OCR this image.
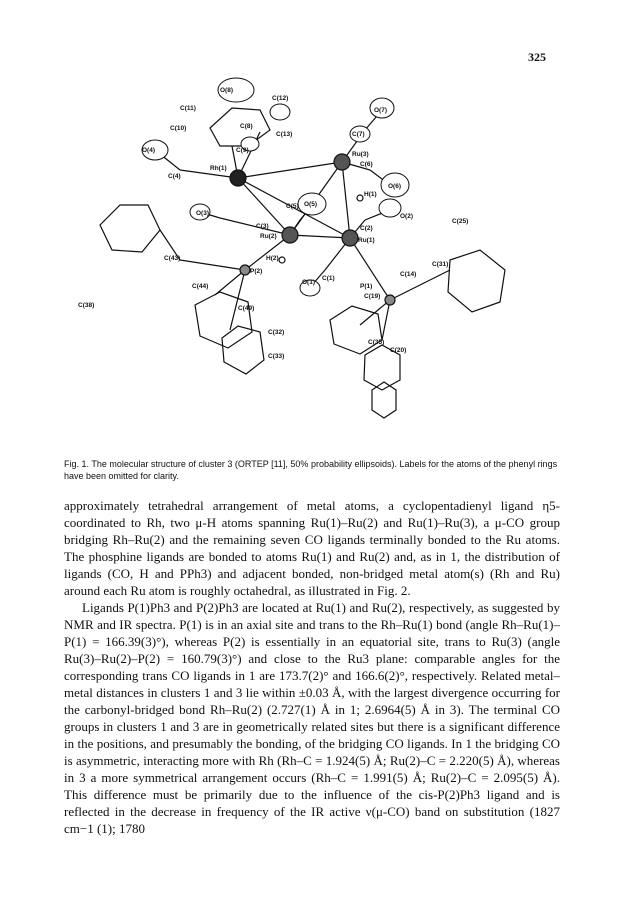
325
O(8)
C(12)
C(11)
C(8)
C(13)
C(10)
O(7)
C(7)
O(4)	C(9)
Ru(3)
Rh(1)
C(6)
C(4)
O(6)
H(1)
O(5)
C(3)
O(2)
C(25)
C(5)
O(3)
C(2)
Ru(2)
Ru(1)
C(43)	H(2)
C(31)
P(2)
O(1)
C(1)
C(14)
C(44)	P(1)
C(19)
C(38)	C(49)
C(32)
C(35)
C(20)
C(33)
Fig. 1. The molecular structure of cluster 3 (ORTEP [11], 50% probability ellipsoids). Labels for the atoms of the phenyl rings have been omitted for clarity.

approximately tetrahedral arrangement of metal atoms, a cyclopentadienyl ligand η5-coordinated to Rh, two μ-H atoms spanning Ru(1)–Ru(2) and Ru(1)–Ru(3), a μ-CO group bridging Rh–Ru(2) and the remaining seven CO ligands terminally bonded to the Ru atoms. The phosphine ligands are bonded to atoms Ru(1) and Ru(2) and, as in 1, the distribution of ligands (CO, H and PPh3) and adjacent bonded, non-bridged metal atom(s) (Rh and Ru) around each Ru atom is roughly octahedral, as illustrated in Fig. 2.

Ligands P(1)Ph3 and P(2)Ph3 are located at Ru(1) and Ru(2), respectively, as suggested by NMR and IR spectra. P(1) is in an axial site and trans to the Rh–Ru(1) bond (angle Rh–Ru(1)–P(1) = 166.39(3)°), whereas P(2) is essentially in an equatorial site, trans to Ru(3) (angle Ru(3)–Ru(2)–P(2) = 160.79(3)°) and close to the Ru3 plane: comparable angles for the corresponding trans CO ligands in 1 are 173.7(2)° and 166.6(2)°, respectively. Related metal–metal distances in clusters 1 and 3 lie within ±0.03 Å, with the largest divergence occurring for the carbonyl-bridged bond Rh–Ru(2) (2.727(1) Å in 1; 2.6964(5) Å in 3). The terminal CO groups in clusters 1 and 3 are in geometrically related sites but there is a significant difference in the positions, and presumably the bonding, of the bridging CO ligands. In 1 the bridging CO is asymmetric, interacting more with Rh (Rh–C = 1.924(5) Å; Ru(2)–C = 2.220(5) Å), whereas in 3 a more symmetrical arrangement occurs (Rh–C = 1.991(5) Å; Ru(2)–C = 2.095(5) Å). This difference must be primarily due to the influence of the cis-P(2)Ph3 ligand and is reflected in the decrease in frequency of the IR active ν(μ-CO) band on substitution (1827 cm−1 (1); 1780
